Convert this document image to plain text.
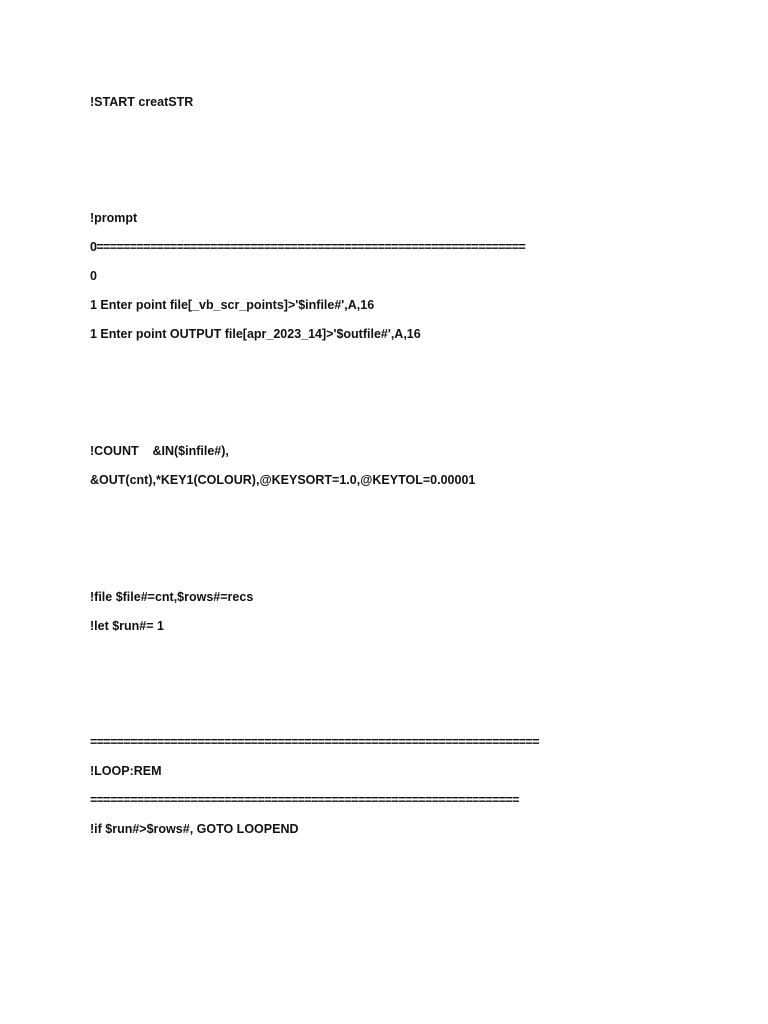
!START creatSTR

!prompt

0================================================================

0

1 Enter point file[_vb_scr_points]>'$infile#',A,16

1 Enter point OUTPUT file[apr_2023_14]>'$outfile#',A,16

!COUNT    &IN($infile#),

&OUT(cnt),*KEY1(COLOUR),@KEYSORT=1.0,@KEYTOL=0.00001

!file $file#=cnt,$rows#=recs

!let $run#= 1

===================================================================

!LOOP:REM

================================================================

!if $run#>$rows#, GOTO LOOPEND
